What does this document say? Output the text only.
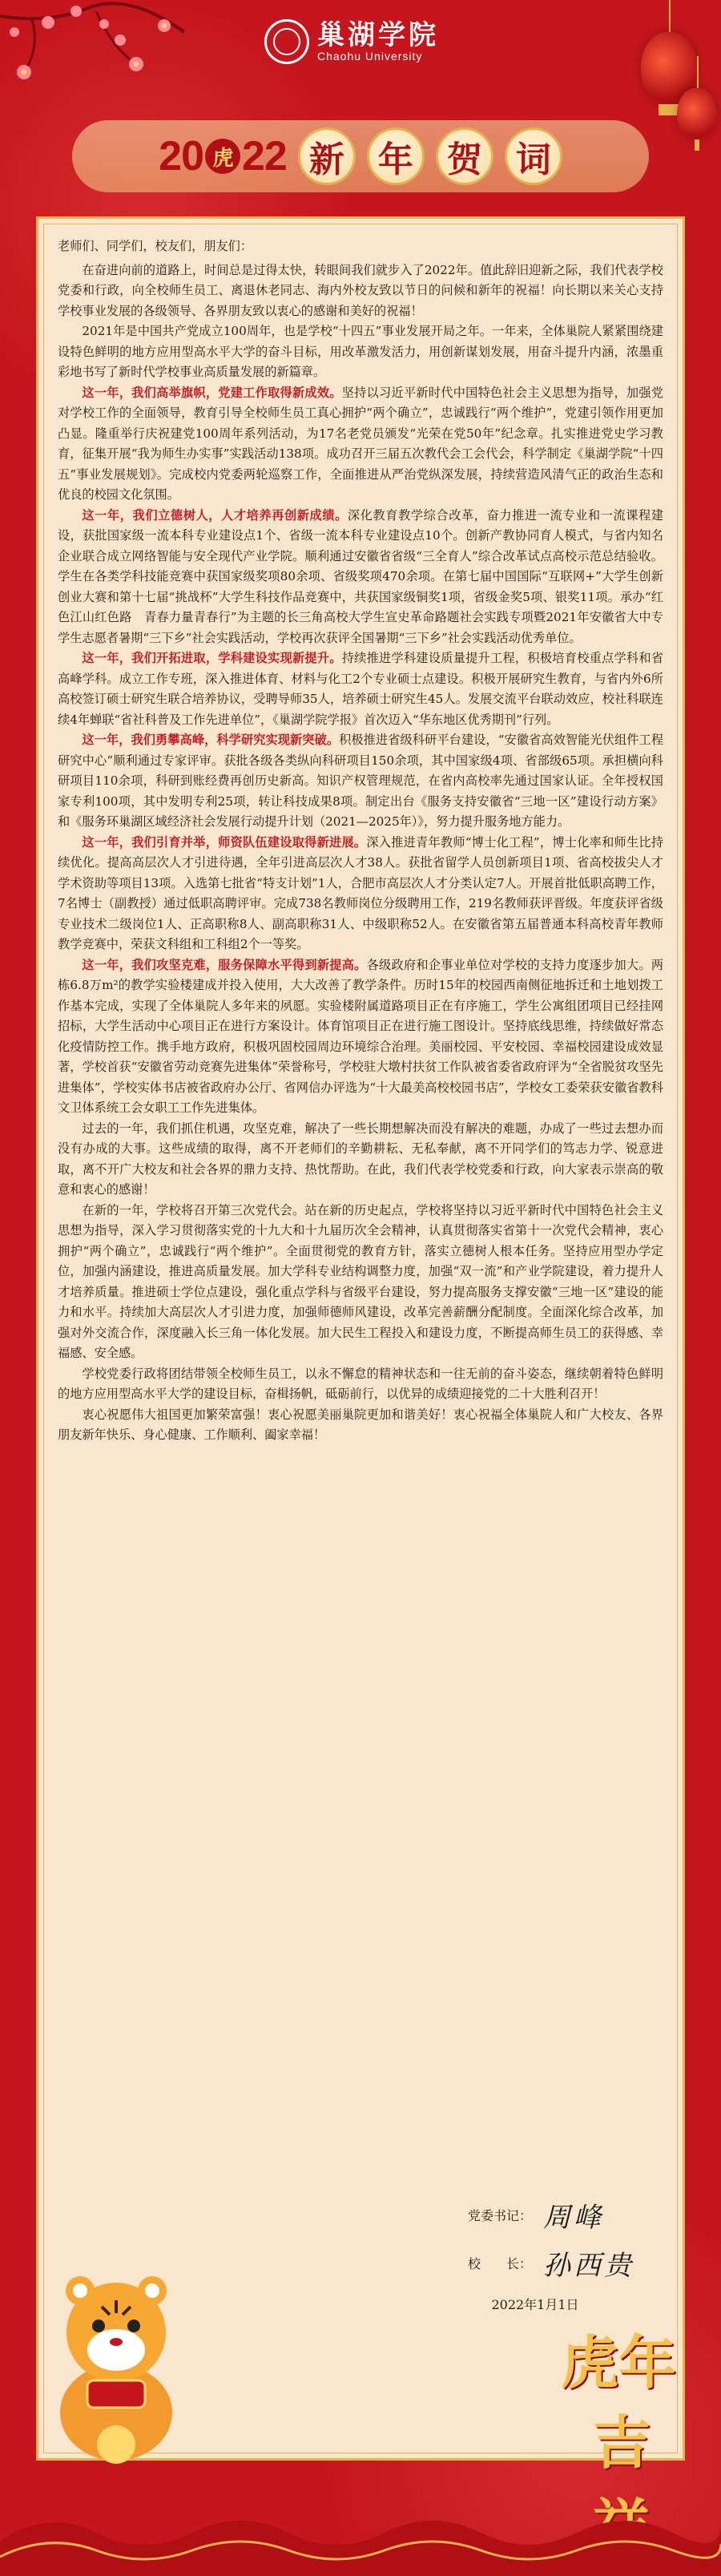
巢湖学院
Chaohu University
20 虎 22 新 年 贺 词

老师们、同学们，校友们，朋友们：

在奋进向前的道路上，时间总是过得太快，转眼间我们就步入了2022年。值此辞旧迎新之际，我们代表学校党委和行政，向全校师生员工、离退休老同志、海内外校友致以节日的问候和新年的祝福！向长期以来关心支持学校事业发展的各级领导、各界朋友致以衷心的感谢和美好的祝福！

2021年是中国共产党成立100周年，也是学校“十四五”事业发展开局之年。一年来，全体巢院人紧紧围绕建设特色鲜明的地方应用型高水平大学的奋斗目标，用改革激发活力，用创新谋划发展，用奋斗提升内涵，浓墨重彩地书写了新时代学校事业高质量发展的新篇章。

这一年，我们高举旗帜，党建工作取得新成效。坚持以习近平新时代中国特色社会主义思想为指导，加强党对学校工作的全面领导，教育引导全校师生员工真心拥护“两个确立”，忠诚践行“两个维护”，党建引领作用更加凸显。隆重举行庆祝建党100周年系列活动，为17名老党员颁发“光荣在党50年”纪念章。扎实推进党史学习教育，征集开展“我为师生办实事”实践活动138项。成功召开三届五次教代会工会代会，科学制定《巢湖学院“十四五”事业发展规划》。完成校内党委两轮巡察工作，全面推进从严治党纵深发展，持续营造风清气正的政治生态和优良的校园文化氛围。

这一年，我们立德树人，人才培养再创新成绩。深化教育教学综合改革，奋力推进一流专业和一流课程建设，获批国家级一流本科专业建设点1个、省级一流本科专业建设点10个。创新产教协同育人模式，与省内知名企业联合成立网络智能与安全现代产业学院。顺利通过安徽省省级“三全育人”综合改革试点高校示范总结验收。学生在各类学科技能竞赛中获国家级奖项80余项、省级奖项470余项。在第七届中国国际“互联网+”大学生创新创业大赛和第十七届“挑战杯”大学生科技作品竞赛中，共获国家级铜奖1项，省级金奖5项、银奖11项。承办“红色江山红色路　青春力量青春行”为主题的长三角高校大学生宣史革命路题社会实践专项暨2021年安徽省大中专学生志愿者暑期“三下乡”社会实践活动，学校再次获评全国暑期“三下乡”社会实践活动优秀单位。

这一年，我们开拓进取，学科建设实现新提升。持续推进学科建设质量提升工程，积极培育校重点学科和省高峰学科。成立工作专班，深入推进体育、材料与化工2个专业硕士点建设。积极开展研究生教育，与省内外6所高校签订硕士研究生联合培养协议，受聘导师35人，培养硕士研究生45人。发展交流平台联动效应，校社科联连续4年蝉联“省社科普及工作先进单位”，《巢湖学院学报》首次迈入“华东地区优秀期刊”行列。

这一年，我们勇攀高峰，科学研究实现新突破。积极推进省级科研平台建设，“安徽省高效智能光伏组件工程研究中心”顺利通过专家评审。获批各级各类纵向科研项目150余项，其中国家级4项、省部级65项。承担横向科研项目110余项，科研到账经费再创历史新高。知识产权管理规范，在省内高校率先通过国家认证。全年授权国家专利100项，其中发明专利25项，转让科技成果8项。制定出台《服务支持安徽省“三地一区”建设行动方案》和《服务环巢湖区域经济社会发展行动提升计划（2021—2025年）》，努力提升服务地方能力。

这一年，我们引育并举，师资队伍建设取得新进展。深入推进青年教师“博士化工程”，博士化率和师生比持续优化。提高高层次人才引进待遇，全年引进高层次人才38人。获批省留学人员创新项目1项、省高校拔尖人才学术资助等项目13项。入选第七批省“特支计划”1人，合肥市高层次人才分类认定7人。开展首批低职高聘工作，7名博士（副教授）通过低职高聘评审。完成738名教师岗位分级聘用工作，219名教师获评晋级。年度获评省级专业技术二级岗位1人、正高职称8人、副高职称31人、中级职称52人。在安徽省第五届普通本科高校青年教师教学竞赛中，荣获文科组和工科组2个一等奖。

这一年，我们攻坚克难，服务保障水平得到新提高。各级政府和企事业单位对学校的支持力度逐步加大。两栋6.8万m²的教学实验楼建成并投入使用，大大改善了教学条件。历时15年的校园西南侧征地拆迁和土地划拨工作基本完成，实现了全体巢院人多年来的夙愿。实验楼附属道路项目正在有序施工，学生公寓组团项目已经挂网招标，大学生活动中心项目正在进行方案设计。体育馆项目正在进行施工图设计。坚持底线思维，持续做好常态化疫情防控工作。携手地方政府，积极巩固校园周边环境综合治理。美丽校园、平安校园、幸福校园建设成效显著，学校首获“安徽省劳动竞赛先进集体”荣誉称号，学校驻大墩村扶贫工作队被省委省政府评为“全省脱贫攻坚先进集体”，学校实体书店被省政府办公厅、省网信办评选为“十大最美高校校园书店”，学校女工委荣获安徽省教科文卫体系统工会女职工工作先进集体。

过去的一年，我们抓住机遇，攻坚克难，解决了一些长期想解决而没有解决的难题，办成了一些过去想办而没有办成的大事。这些成绩的取得，离不开老师们的辛勤耕耘、无私奉献，离不开同学们的笃志力学、锐意进取，离不开广大校友和社会各界的鼎力支持、热忱帮助。在此，我们代表学校党委和行政，向大家表示崇高的敬意和衷心的感谢！

在新的一年，学校将召开第三次党代会。站在新的历史起点，学校将坚持以习近平新时代中国特色社会主义思想为指导，深入学习贯彻落实党的十九大和十九届历次全会精神，认真贯彻落实省第十一次党代会精神，衷心拥护“两个确立”，忠诚践行“两个维护”。全面贯彻党的教育方针，落实立德树人根本任务。坚持应用型办学定位，加强内涵建设，推进高质量发展。加大学科专业结构调整力度，加强“双一流”和产业学院建设，着力提升人才培养质量。推进硕士学位点建设，强化重点学科与省级平台建设，努力提高服务支撑安徽“三地一区”建设的能力和水平。持续加大高层次人才引进力度，加强师德师风建设，改革完善薪酬分配制度。全面深化综合改革，加强对外交流合作，深度融入长三角一体化发展。加大民生工程投入和建设力度，不断提高师生员工的获得感、幸福感、安全感。

学校党委行政将团结带领全校师生员工，以永不懈怠的精神状态和一往无前的奋斗姿态，继续朝着特色鲜明的地方应用型高水平大学的建设目标，奋楫扬帆，砥砺前行，以优异的成绩迎接党的二十大胜利召开！

衷心祝愿伟大祖国更加繁荣富强！衷心祝愿美丽巢院更加和谐美好！衷心祝福全体巢院人和广大校友、各界朋友新年快乐、身心健康、工作顺利、阖家幸福！

党委书记： 周峰
校　　长： 孙西贵
2022年1月1日
虎年
吉
